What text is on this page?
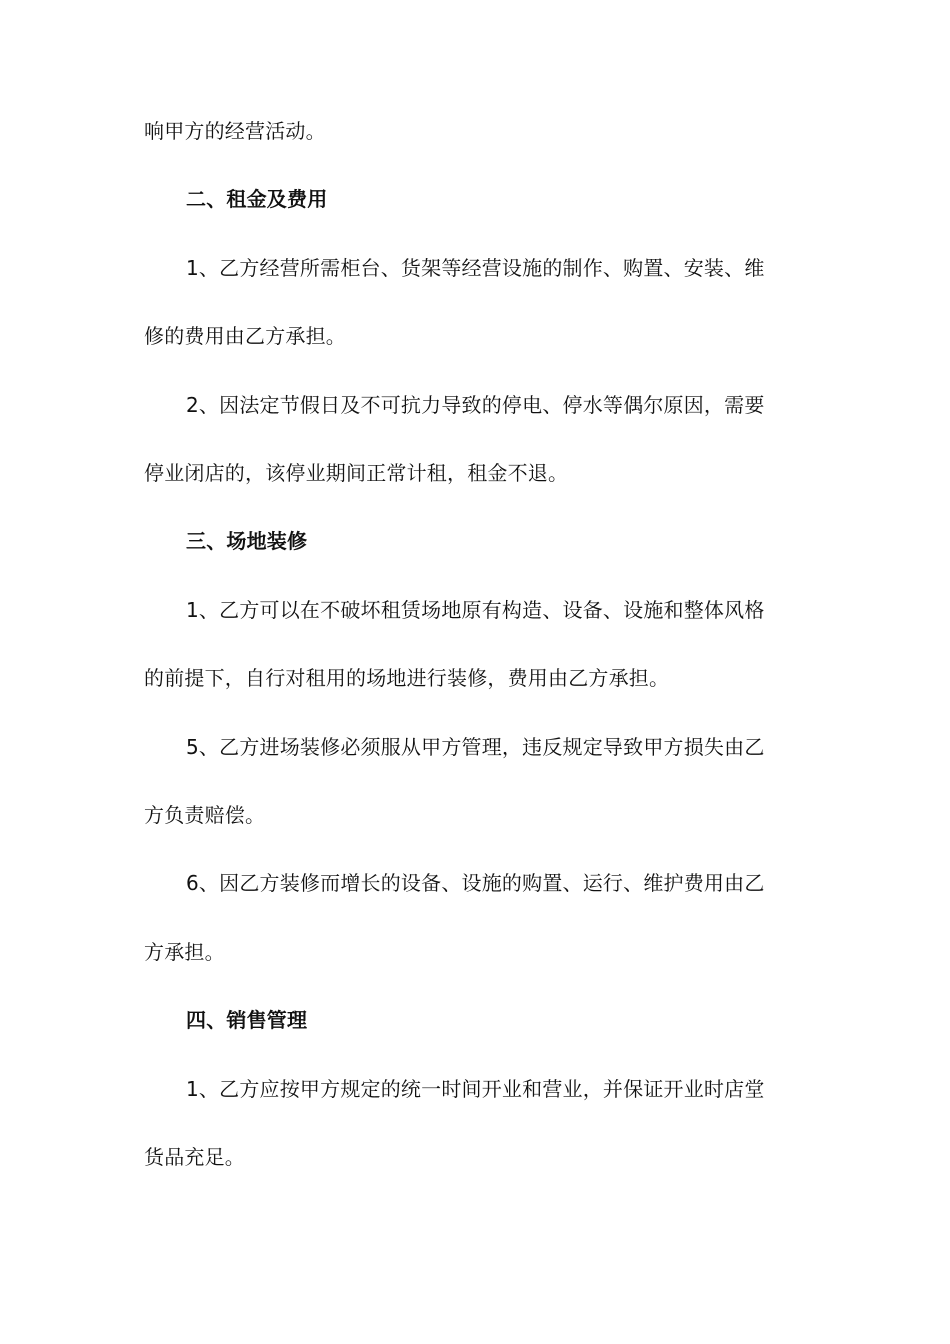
响甲方的经营活动。
二、租金及费用
1、乙方经营所需柜台、货架等经营设施的制作、购置、安装、维
修的费用由乙方承担。
2、因法定节假日及不可抗力导致的停电、停水等偶尔原因，需要
停业闭店的，该停业期间正常计租，租金不退。
三、场地装修
1、乙方可以在不破坏租赁场地原有构造、设备、设施和整体风格
的前提下，自行对租用的场地进行装修，费用由乙方承担。
5、乙方进场装修必须服从甲方管理，违反规定导致甲方损失由乙
方负责赔偿。
6、因乙方装修而增长的设备、设施的购置、运行、维护费用由乙
方承担。
四、销售管理
1、乙方应按甲方规定的统一时间开业和营业，并保证开业时店堂
货品充足。
